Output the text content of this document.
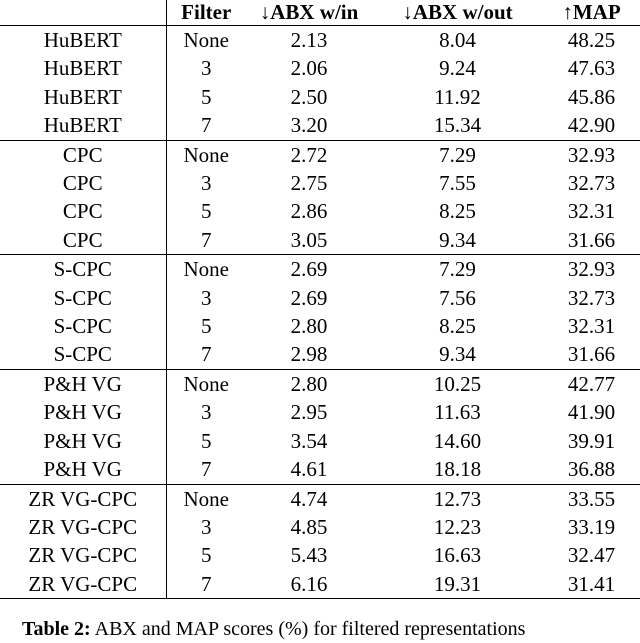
	Filter	↓ABX w/in	↓ABX w/out	↑MAP
HuBERT	None	2.13	8.04	48.25
HuBERT	3	2.06	9.24	47.63
HuBERT	5	2.50	11.92	45.86
HuBERT	7	3.20	15.34	42.90
CPC	None	2.72	7.29	32.93
CPC	3	2.75	7.55	32.73
CPC	5	2.86	8.25	32.31
CPC	7	3.05	9.34	31.66
S-CPC	None	2.69	7.29	32.93
S-CPC	3	2.69	7.56	32.73
S-CPC	5	2.80	8.25	32.31
S-CPC	7	2.98	9.34	31.66
P&H VG	None	2.80	10.25	42.77
P&H VG	3	2.95	11.63	41.90
P&H VG	5	3.54	14.60	39.91
P&H VG	7	4.61	18.18	36.88
ZR VG-CPC	None	4.74	12.73	33.55
ZR VG-CPC	3	4.85	12.23	33.19
ZR VG-CPC	5	5.43	16.63	32.47
ZR VG-CPC	7	6.16	19.31	31.41
Table 2: ABX and MAP scores (%) for filtered representations
